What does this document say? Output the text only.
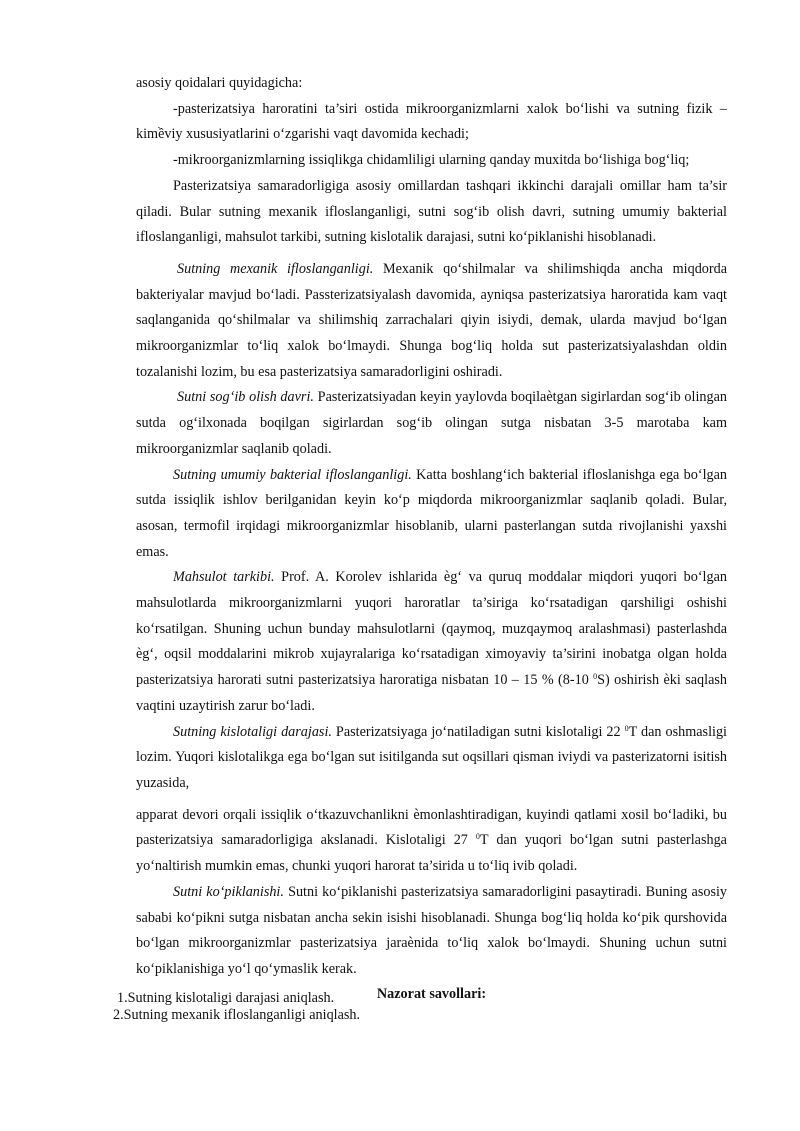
asosiy qoidalari quyidagicha:

-pasterizatsiya haroratini ta’siri ostida mikroorganizmlarni xalok bo‘lishi va sutning fizik – kimềviy xususiyatlarini o‘zgarishi vaqt davomida kechadi;

-mikroorganizmlarning issiqlikga chidamliligi ularning qanday muxitda bo‘lishiga bog‘liq;

Pasterizatsiya samaradorligiga asosiy omillardan tashqari ikkinchi darajali omillar ham ta’sir qiladi. Bular sutning mexanik ifloslanganligi, sutni sog‘ib olish davri, sutning umumiy bakterial ifloslanganligi, mahsulot tarkibi, sutning kislotalik darajasi, sutni ko‘piklanishi hisoblanadi.

Sutning mexanik ifloslanganligi. Mexanik qo‘shilmalar va shilimshiqda ancha miqdorda bakteriyalar mavjud bo‘ladi. Passterizatsiyalash davomida, ayniqsa pasterizatsiya haroratida kam vaqt saqlanganida qo‘shilmalar va shilimshiq zarrachalari qiyin isiydi, demak, ularda mavjud bo‘lgan mikroorganizmlar to‘liq xalok bo‘lmaydi. Shunga bog‘liq holda sut pasterizatsiyalashdan oldin tozalanishi lozim, bu esa pasterizatsiya samaradorligini oshiradi.

Sutni sog‘ib olish davri. Pasterizatsiyadan keyin yaylovda boqilaètgan sigirlardan sog‘ib olingan sutda og‘ilxonada boqilgan sigirlardan sog‘ib olingan sutga nisbatan 3-5 marotaba kam mikroorganizmlar saqlanib qoladi.

Sutning umumiy bakterial ifloslanganligi. Katta boshlang‘ich bakterial ifloslanishga ega bo‘lgan sutda issiqlik ishlov berilganidan keyin ko‘p miqdorda mikroorganizmlar saqlanib qoladi. Bular, asosan, termofil irqidagi mikroorganizmlar hisoblanib, ularni pasterlangan sutda rivojlanishi yaxshi emas.

Mahsulot tarkibi. Prof. A. Korolev ishlarida èg‘ va quruq moddalar miqdori yuqori bo‘lgan mahsulotlarda mikroorganizmlarni yuqori haroratlar ta’siriga ko‘rsatadigan qarshiligi oshishi ko‘rsatilgan. Shuning uchun bunday mahsulotlarni (qaymoq, muzqaymoq aralashmasi) pasterlashda èg‘, oqsil moddalarini mikrob xujayralariga ko‘rsatadigan ximoyaviy ta’sirini inobatga olgan holda pasterizatsiya harorati sutni pasterizatsiya haroratiga nisbatan 10 – 15 % (8-10 $^0$S) oshirish èki saqlash vaqtini uzaytirish zarur bo‘ladi.

Sutning kislotaligi darajasi. Pasterizatsiyaga jo‘natiladigan sutni kislotaligi 22 $^0$T dan oshmasligi lozim. Yuqori kislotalikga ega bo‘lgan sut isitilganda sut oqsillari qisman iviydi va pasterizatorni isitish yuzasida,

apparat devori orqali issiqlik o‘tkazuvchanlikni èmonlashtiradigan, kuyindi qatlami xosil bo‘ladiki, bu pasterizatsiya samaradorligiga akslanadi. Kislotaligi 27 $^0$T dan yuqori bo‘lgan sutni pasterlashga yo‘naltirish mumkin emas, chunki yuqori harorat ta’sirida u to‘liq ivib qoladi.

Sutni ko‘piklanishi. Sutni ko‘piklanishi pasterizatsiya samaradorligini pasaytiradi. Buning asosiy sababi ko‘pikni sutga nisbatan ancha sekin isishi hisoblanadi. Shunga bog‘liq holda ko‘pik qurshovida bo‘lgan mikroorganizmlar pasterizatsiya jaraènida to‘liq xalok bo‘lmaydi. Shuning uchun sutni ko‘piklanishiga yo‘l qo‘ymaslik kerak.

Nazorat savollari:

1.Sutning kislotaligi darajasi aniqlash.
2.Sutning mexanik ifloslanganligi aniqlash.
